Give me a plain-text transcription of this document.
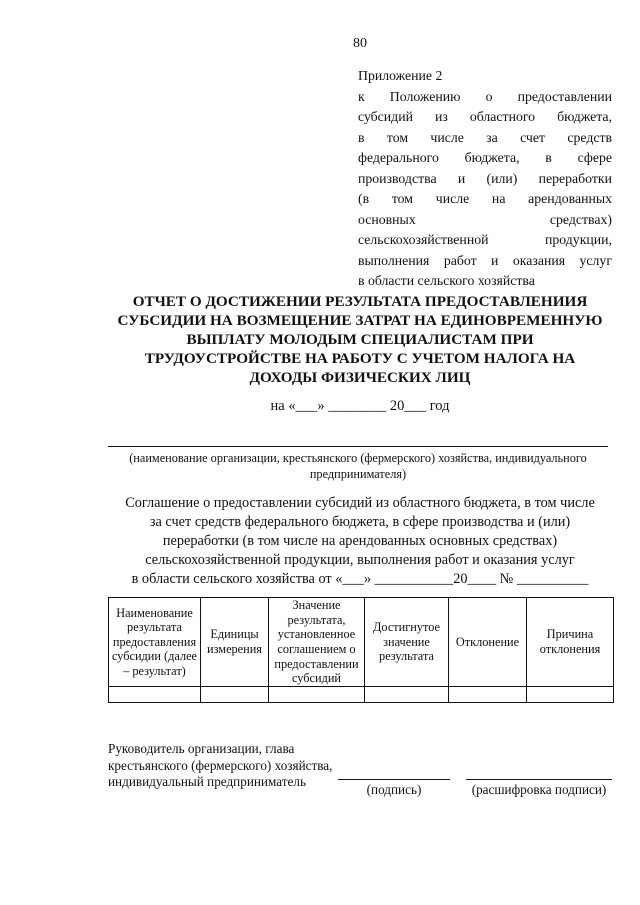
80
Приложение 2
к Положению о предоставлении
субсидий из областного бюджета,
в том числе за счет средств
федерального бюджета, в сфере
производства и (или) переработки
(в том числе на арендованных
основных средствах)
сельскохозяйственной продукции,
выполнения работ и оказания услуг
в области сельского хозяйства
ОТЧЕТ О ДОСТИЖЕНИИ РЕЗУЛЬТАТА ПРЕДОСТАВЛЕНИИЯ
СУБСИДИИ НА ВОЗМЕЩЕНИЕ ЗАТРАТ НА ЕДИНОВРЕМЕННУЮ
ВЫПЛАТУ МОЛОДЫМ СПЕЦИАЛИСТАМ ПРИ
ТРУДОУСТРОЙСТВЕ НА РАБОТУ С УЧЕТОМ НАЛОГА НА
ДОХОДЫ ФИЗИЧЕСКИХ ЛИЦ
на «___» ________ 20___ год
(наименование организации, крестьянского (фермерского) хозяйства, индивидуального
предпринимателя)
Соглашение о предоставлении субсидий из областного бюджета, в том числе
за счет средств федерального бюджета, в сфере производства и (или)
переработки (в том числе на арендованных основных средствах)
сельскохозяйственной продукции, выполнения работ и оказания услуг
в области сельского хозяйства от «___» ___________20____ № __________
Наименование результата предоставления субсидии (далее – результат)	Единицы измерения	Значение результата, установленное соглашением о предоставлении субсидий	Достигнутое значение результата	Отклонение	Причина отклонения

Руководитель организации, глава
крестьянского (фермерского) хозяйства,
индивидуальный предприниматель
(подпись)	(расшифровка подписи)
